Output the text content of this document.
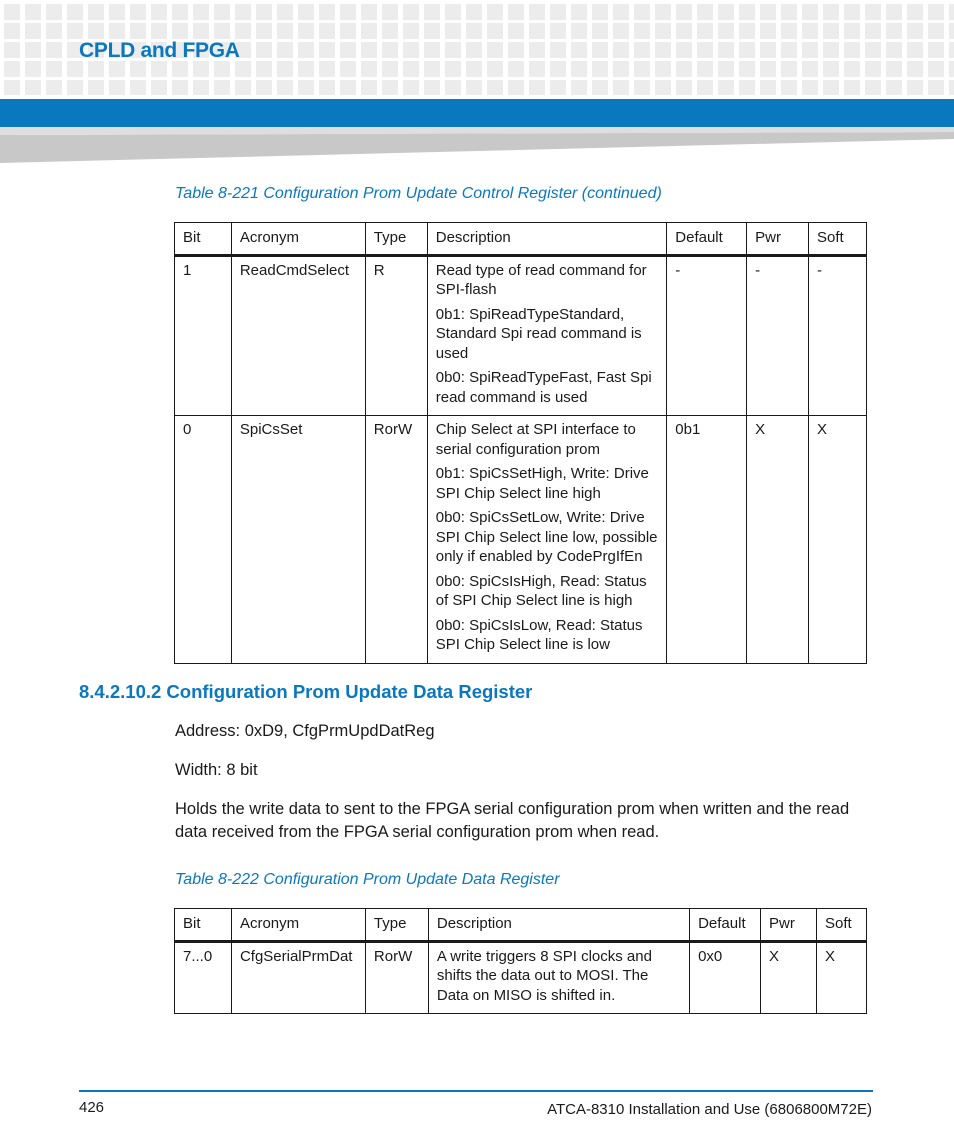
CPLD and FPGA
Table 8-221 Configuration Prom Update Control Register (continued)
Bit	Acronym	Type	Description	Default	Pwr	Soft
1	ReadCmdSelect	R	Read type of read command for SPI-flash

0b1: SpiReadTypeStandard, Standard Spi read command is used

0b0: SpiReadTypeFast, Fast Spi read command is used	-	-	-
0	SpiCsSet	RorW	Chip Select at SPI interface to serial configuration prom

0b1: SpiCsSetHigh, Write: Drive SPI Chip Select line high

0b0: SpiCsSetLow, Write: Drive SPI Chip Select line low, possible only if enabled by CodePrgIfEn

0b0: SpiCsIsHigh, Read: Status of SPI Chip Select line is high

0b0: SpiCsIsLow, Read: Status SPI Chip Select line is low	0b1	X	X
8.4.2.10.2 Configuration Prom Update Data Register
Address: 0xD9, CfgPrmUpdDatReg
Width: 8 bit
Holds the write data to sent to the FPGA serial configuration prom when written and the read data received from the FPGA serial configuration prom when read.
Table 8-222 Configuration Prom Update Data Register
Bit	Acronym	Type	Description	Default	Pwr	Soft
7...0	CfgSerialPrmDat	RorW	A write triggers 8 SPI clocks and shifts the data out to MOSI. The Data on MISO is shifted in.	0x0	X	X
426	ATCA-8310 Installation and Use (6806800M72E)
